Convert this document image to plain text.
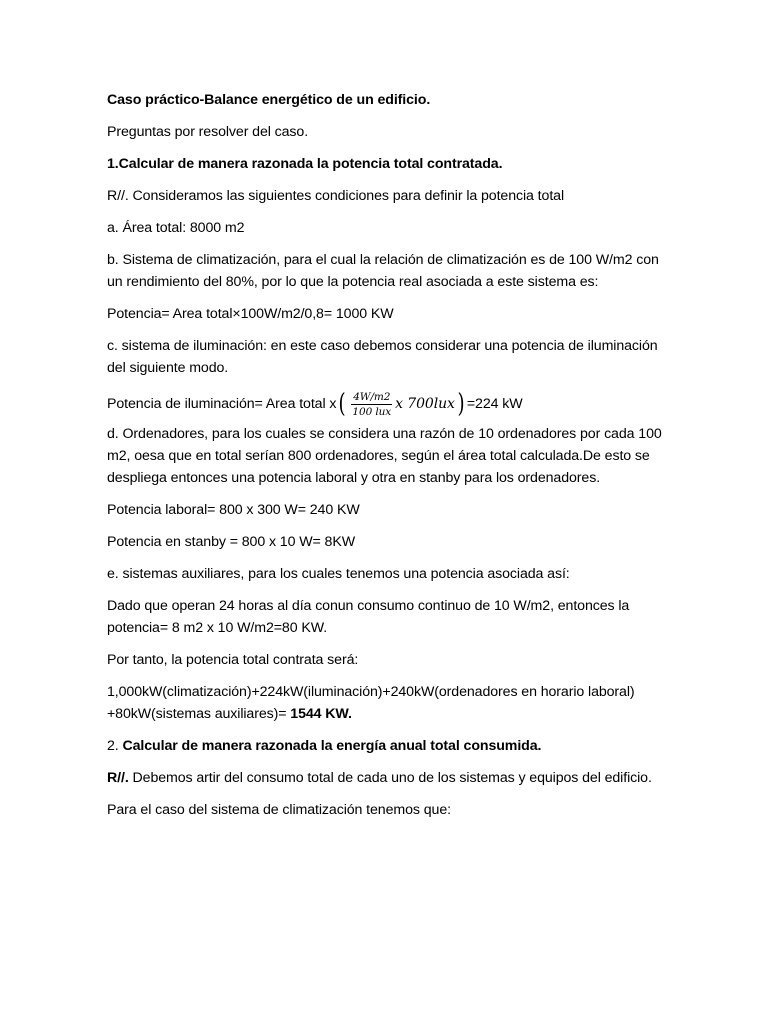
Caso práctico-Balance energético de un edificio.

Preguntas por resolver del caso.

1.Calcular de manera razonada la potencia total contratada.

R//. Consideramos las siguientes condiciones para definir la potencia total

a. Área total: 8000 m2

b. Sistema de climatización, para el cual la relación de climatización es de 100 W/m2 con un rendimiento del 80%, por lo que la potencia real asociada a este sistema es:

Potencia= Area total×100W/m2/0,8= 1000 KW

c. sistema de iluminación: en este caso debemos considerar una potencia de iluminación del siguiente modo.

Potencia de iluminación= Area total x ( $\frac{4W/m2}{\text{100 lux}}$ x 700lux ) =224 kW

d. Ordenadores, para los cuales se considera una razón de 10 ordenadores por cada 100 m2, oesa que en total serían 800 ordenadores, según el área total calculada.De esto se despliega entonces una potencia laboral y otra en stanby para los ordenadores.

Potencia laboral= 800 x 300 W= 240 KW

Potencia en stanby = 800 x 10 W= 8KW

e. sistemas auxiliares, para los cuales tenemos una potencia asociada así:

Dado que operan 24 horas al día conun consumo continuo de 10 W/m2, entonces la potencia= 8 m2 x 10 W/m2=80 KW.

Por tanto, la potencia total contrata será:

1,000kW(climatización)+224kW(iluminación)+240kW(ordenadores en horario laboral) +80kW(sistemas auxiliares)= 1544 KW.

2. Calcular de manera razonada la energía anual total consumida.

R//. Debemos artir del consumo total de cada uno de los sistemas y equipos del edificio.

Para el caso del sistema de climatización tenemos que:
